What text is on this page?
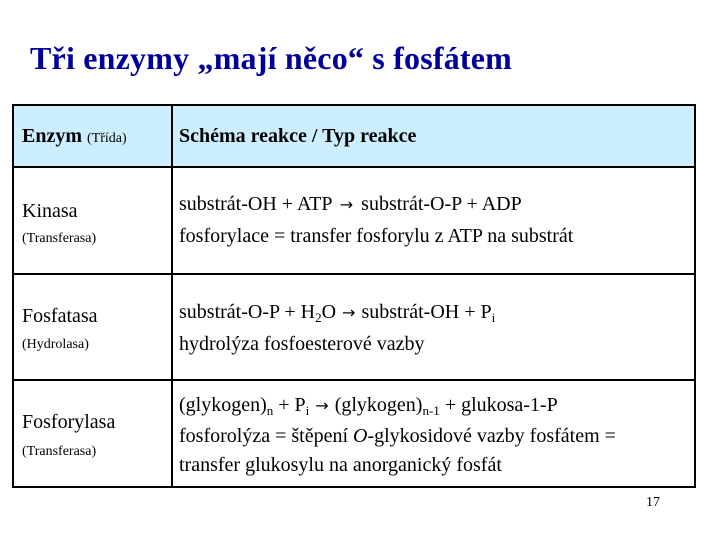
Tři enzymy „mají něco“ s fosfátem
Enzym (Třída)	Schéma reakce / Typ reakce
Kinasa
(Transferasa)
substrát-OH + ATP → substrát-O-P + ADP
fosforylace = transfer fosforylu z ATP na substrát
Fosfatasa
(Hydrolasa)
substrát-O-P + $H_2O$ → substrát-OH + $P_i$
hydrolýza fosfoesterové vazby
Fosforylasa
(Transferasa)
$(glykogen)_n + P_i$ → $(glykogen)_{n-1}$ + glukosa-1-P
fosforolýza = štěpení O-glykosidové vazby fosfátem =
transfer glukosylu na anorganický fosfát
17
